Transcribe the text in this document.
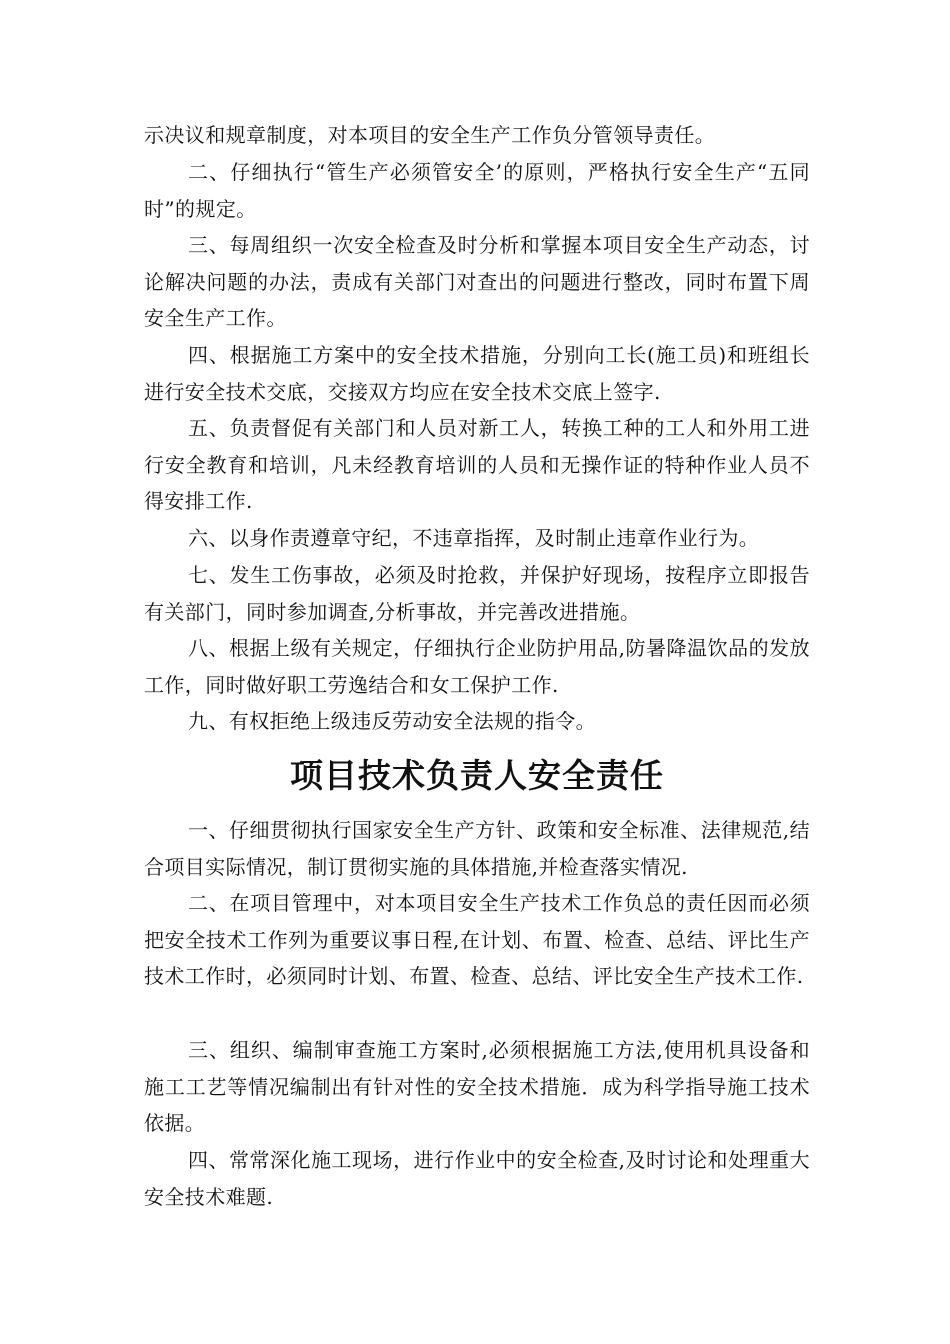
示决议和规章制度，对本项目的安全生产工作负分管领导责任。

二、仔细执行“管生产必须管安全’的原则，严格执行安全生产“五同时”的规定。

三、每周组织一次安全检查及时分析和掌握本项目安全生产动态，讨论解决问题的办法，责成有关部门对查出的问题进行整改，同时布置下周安全生产工作。

四、根据施工方案中的安全技术措施，分别向工长(施工员)和班组长进行安全技术交底，交接双方均应在安全技术交底上签字.

五、负责督促有关部门和人员对新工人，转换工种的工人和外用工进行安全教育和培训，凡未经教育培训的人员和无操作证的特种作业人员不得安排工作.

六、以身作责遵章守纪，不违章指挥，及时制止违章作业行为。

七、发生工伤事故，必须及时抢救，并保护好现场，按程序立即报告有关部门，同时参加调查,分析事故，并完善改进措施。

八、根据上级有关规定，仔细执行企业防护用品,防暑降温饮品的发放工作，同时做好职工劳逸结合和女工保护工作.

九、有权拒绝上级违反劳动安全法规的指令。

项目技术负责人安全责任

一、仔细贯彻执行国家安全生产方针、政策和安全标准、法律规范,结合项目实际情况，制订贯彻实施的具体措施,并检查落实情况.

二、在项目管理中，对本项目安全生产技术工作负总的责任因而必须把安全技术工作列为重要议事日程,在计划、布置、检查、总结、评比生产技术工作时，必须同时计划、布置、检查、总结、评比安全生产技术工作.

三、组织、编制审查施工方案时,必须根据施工方法,使用机具设备和施工工艺等情况编制出有针对性的安全技术措施．成为科学指导施工技术依据。

四、常常深化施工现场，进行作业中的安全检查,及时讨论和处理重大安全技术难题.
